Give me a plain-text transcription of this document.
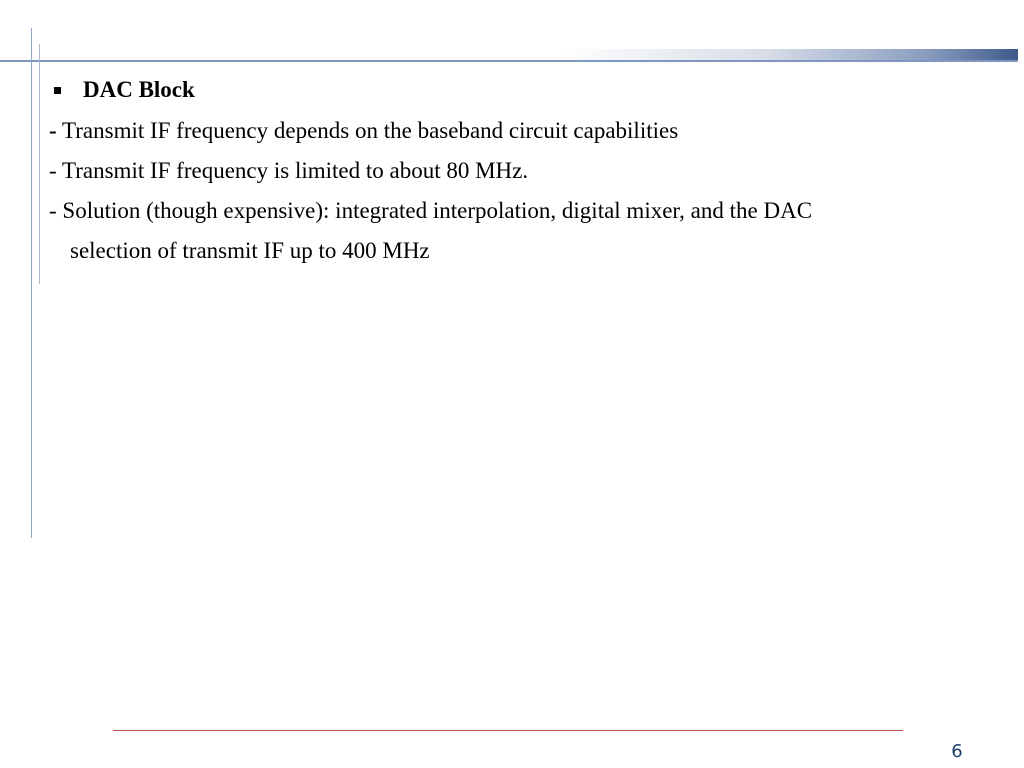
DAC Block
- Transmit IF frequency depends on the baseband circuit capabilities
- Transmit IF frequency is limited to about 80 MHz.
- Solution (though expensive): integrated interpolation, digital mixer, and the DAC
selection of transmit IF up to 400 MHz
6
